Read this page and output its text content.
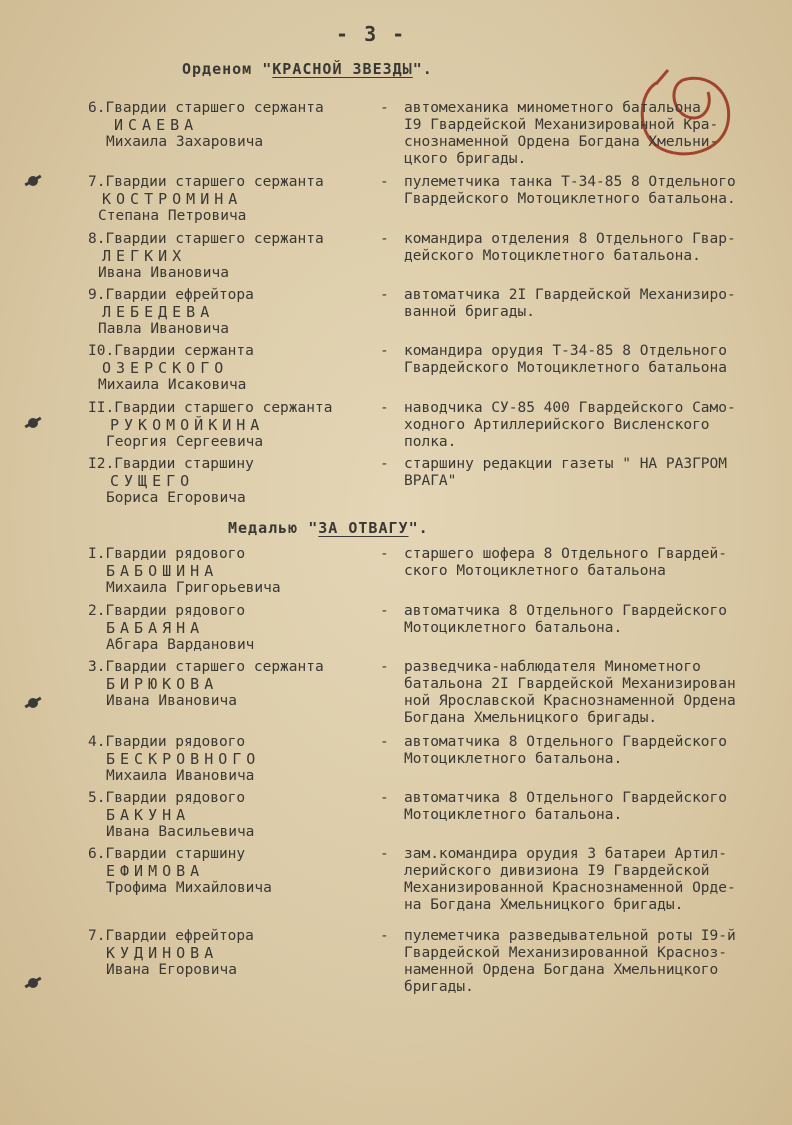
- 3 -
Орденом "КРАСНОЙ ЗВЕЗДЫ".
6.Гвардии старшего сержанта
ИСАЕВА
Михаила Захаровича
- автомеханика минометного батальона
I9 Гвардейской Механизированной Кра-
снознаменной Ордена Богдана Хмельни-
цкого бригады.
7.Гвардии старшего сержанта
КОСТРОМИНА
Степана Петровича
- пулеметчика танка Т-34-85 8 Отдельного
Гвардейского Мотоциклетного батальона.
8.Гвардии старшего сержанта
ЛЕГКИХ
Ивана Ивановича
- командира отделения 8 Отдельного Гвар-
дейского Мотоциклетного батальона.
9.Гвардии ефрейтора
ЛЕБЕДЕВА
Павла Ивановича
- автоматчика 2I Гвардейской Механизиро-
ванной бригады.
I0.Гвардии сержанта
ОЗЕРСКОГО
Михаила Исаковича
- командира орудия Т-34-85 8 Отдельного
Гвардейского Мотоциклетного батальона
II.Гвардии старшего сержанта
РУКОМОЙКИНА
Георгия Сергеевича
- наводчика СУ-85 400 Гвардейского Само-
ходного Артиллерийского Висленского
полка.
I2.Гвардии старшину
СУЩЕГО
Бориса Егоровича
- старшину редакции газеты " НА РАЗГРОМ
ВРАГА"
Медалью "ЗА ОТВАГУ".
I.Гвардии рядового
БАБОШИНА
Михаила Григорьевича
- старшего шофера 8 Отдельного Гвардей-
ского Мотоциклетного батальона
2.Гвардии рядового
БАБАЯНА
Абгара Варданович
- автоматчика 8 Отдельного Гвардейского
Мотоциклетного батальона.
3.Гвардии старшего сержанта
БИРЮКОВА
Ивана Ивановича
- разведчика-наблюдателя Минометного
батальона 2I Гвардейской Механизирован
ной Ярославской Краснознаменной Ордена
Богдана Хмельницкого бригады.
4.Гвардии рядового
БЕСКРОВНОГО
Михаила Ивановича
- автоматчика 8 Отдельного Гвардейского
Мотоциклетного батальона.
5.Гвардии рядового
БАКУНА
Ивана Васильевича
- автоматчика 8 Отдельного Гвардейского
Мотоциклетного батальона.
6.Гвардии старшину
ЕФИМОВА
Трофима Михайловича
- зам.командира орудия 3 батареи Артил-
лерийского дивизиона I9 Гвардейской
Механизированной Краснознаменной Орде-
на Богдана Хмельницкого бригады.
7.Гвардии ефрейтора
КУДИНОВА
Ивана Егоровича
- пулеметчика разведывательной роты I9-й
Гвардейской Механизированной Красноз-
наменной Ордена Богдана Хмельницкого
бригады.
